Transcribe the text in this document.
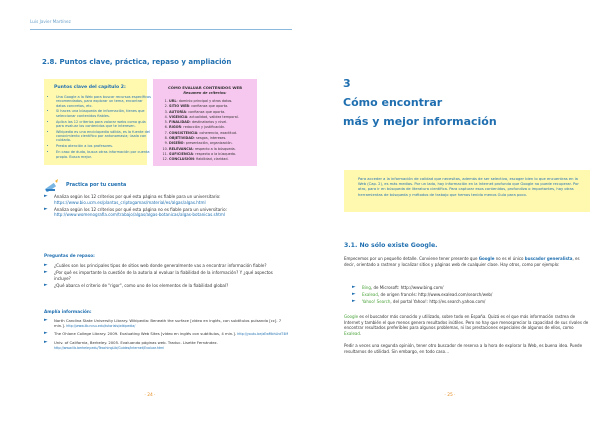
Luis Javier Martínez
2.8. Puntos clave, práctica, repaso y ampliación
Puntos clave del capítulo 2:
• Una Google a la Web para buscar recursos específicos recomendados, para explorar un tema, encontrar datos concretos, etc.
• Si haces una búsqueda de información, tienes que seleccionar contenidos fiables.
• Aplica los 12 criterios para valorar webs como guía para evaluar los contenidos que te interesen.
• Wikipedia es una enciclopedia válida, es la fuente del conocimiento científico por antonomasia; úsala con cuidado.
• Presta atención a los profesores.
• En caso de duda, busca otras información por cuenta propia. Busca mejor.
CÓMO EVALUAR CONTENIDOS WEB
Resumen de criterios:
1. URL: dominio principal y otros datos.
2. SITIO WEB: confianza que aporta.
3. AUTORÍA: confianza que aporta.
4. VIGENCIA: actualidad, validez temporal.
5. FINALIDAD: destinatarios y nivel.
6. RIGOR: redacción y justificación.
7. CONSISTENCIA: coherencia, exactitud.
8. OBJETIVIDAD: sesgos, intereses.
9. DISEÑO: presentación, organización.
10. RELEVANCIA: respecto a la búsqueda.
11. SUFICIENCIA: respecto a la búsqueda.
12. CONCLUSIÓN: fiabilidad, claridad.
Practica por tu cuenta
► Analiza según los 12 criterios por qué esta página es fiable para un universitario: https://www.bio.ucm.es/plantas_criptogamas/material/es/algas/algas.html
► Analiza según los 12 criterios por qué esta página no es fiable para un universitario: http://www.womenografia.com/trabajo/algas/algas-botanicas/algas-botanicas.shtml
Preguntas de repaso:
► ¿Cuáles son los principales tipos de sitios web donde generalmente vas a encontrar información fiable?
► ¿Por qué es importante la cuestión de la autoría al evaluar la fiabilidad de la información? Y ¿qué aspectos incluye?
► ¿Qué abarca el criterio de "rigor", como uno de los elementos de la fiabilidad global?
Amplía información:
► North Carolina State University Library. Wikipedia: Beneath the surface [vídeo en inglés, con subtítulos pulsando [cc]. 7 min.]. http://www.lib.ncsu.edu/tutorials/wikipedia/
► The Ohlone College Library. 2009. Evaluating Web Sites [vídeo en inglés con subtítulos, 4 min.]. http://youtu.be/aEwMbhLhdT4M
► Univ. of California, Berkeley. 2005. Evaluando páginas web. Traduc. Lisette Fernández.
http://www.lib.berkeley.edu/TeachingLib/Guides/Internet/Evaluar.html
· 24 ·
3
Cómo encontrar
más y mejor información

Para acceder a la información de calidad que necesitas, además de ser selectivo, escoger bien lo que encuentras en la Web (Cap. 2), es más medios. Por un lado, hay información en la Internet profunda que Google no puede recuperar. Por otro, para ir en búsqueda de literatura científica. Para capturar esos contenidos, profundiza o importantes, hay otras herramientas de búsqueda y métodos de trabajo que hemos tenido menos Guía para poco.

3.1. No sólo existe Google.

Empecemos por un pequeño detalle. Conviene tener presente que Google no es el único buscador generalista, es decir, orientado a rastrear y localizar sitios y páginas web de cualquier clase. Hay otros, como por ejemplo:

► Bing, de Microsoft: http://www.bing.com/
► Exalead, de origen francés: http://www.exalead.com/search/web/
► Yahoo! Search, del portal Yahoo!: http://es.search.yahoo.com/

Google es el buscador más conocido y utilizado, sobre todo en España. Quizá es el que más información rastrea de Internet y también el que menos genera resultados inútiles. Pero no hay que menospreciar la capacidad de sus rivales de encontrar resultados preferibles para algunos problemas, ni las prestaciones especiales de algunos de ellos, como Exalead.

Pedir a veces una segunda opinión, tener otro buscador de reserva a la hora de explorar la Web, es buena idea. Puede resultarnos de utilidad. Sin embargo, en todo caso…

· 25 ·
